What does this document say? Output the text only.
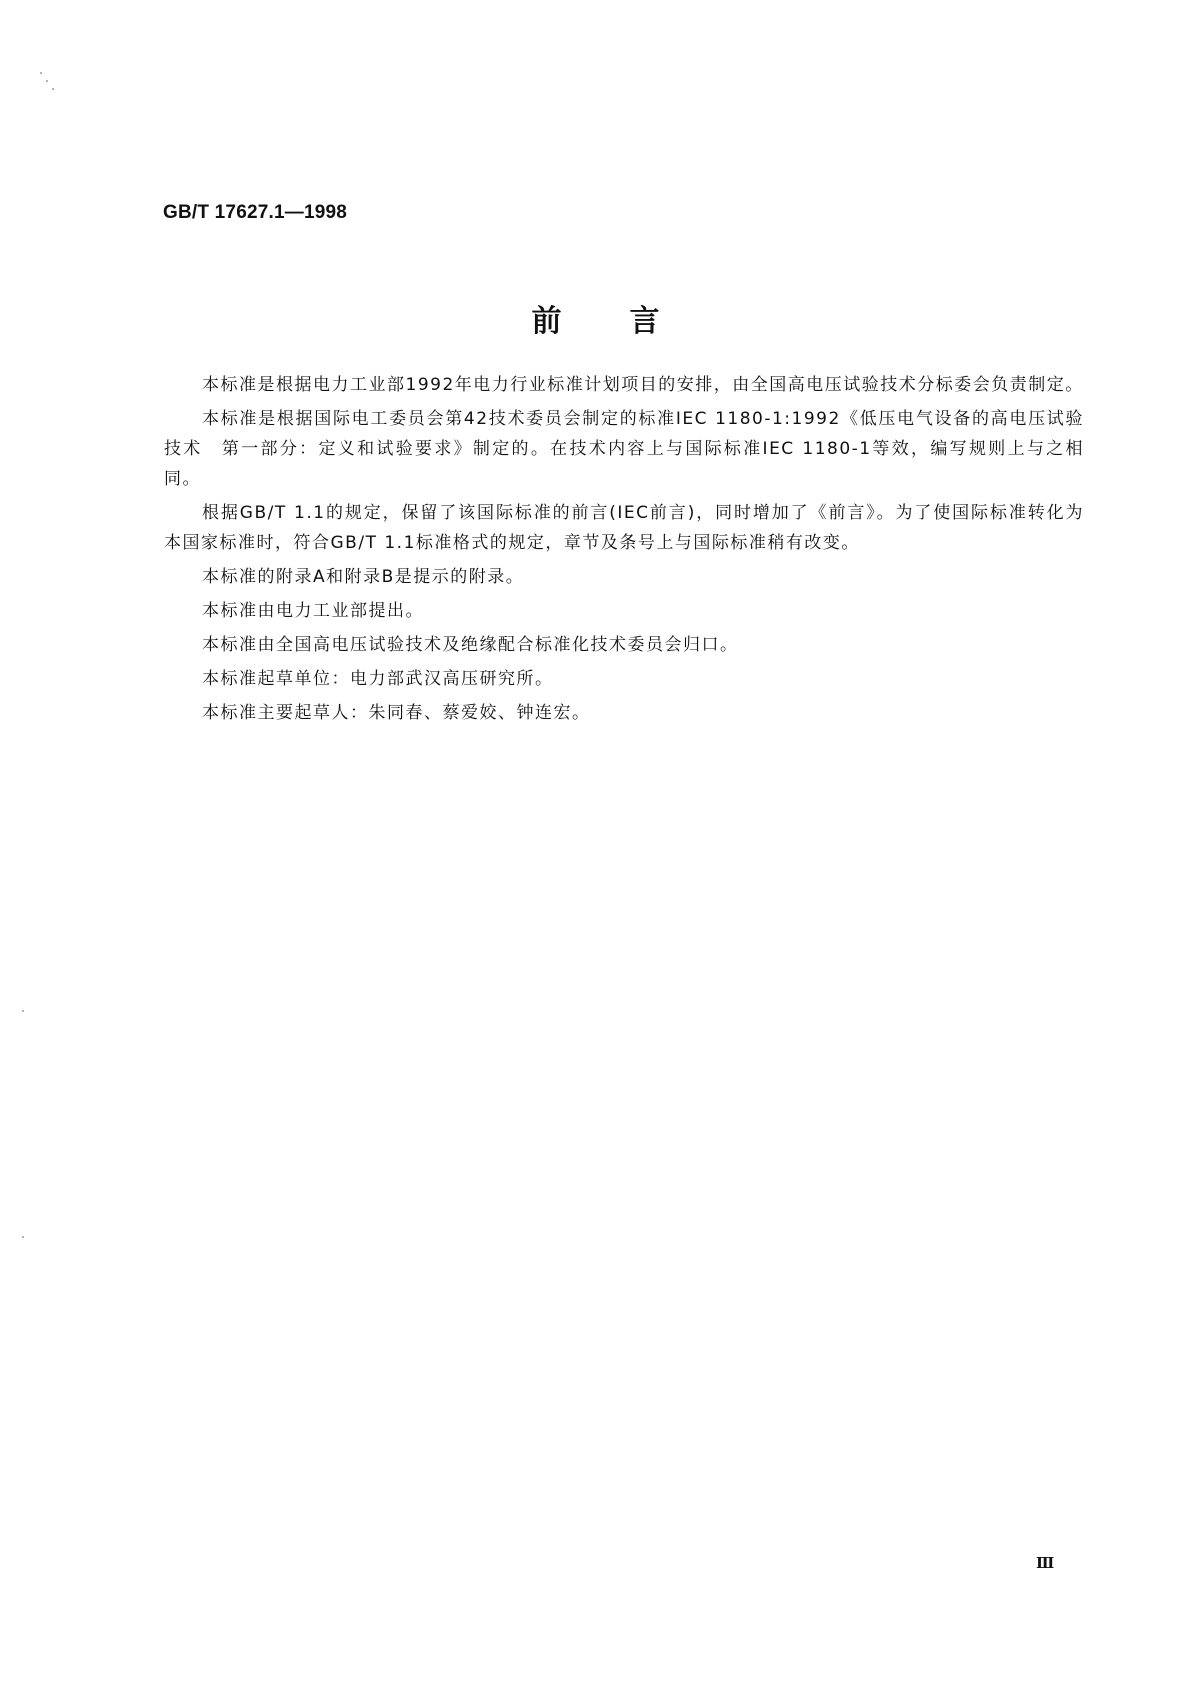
GB/T 17627.1—1998
前言

本标准是根据电力工业部1992年电力行业标准计划项目的安排，由全国高电压试验技术分标委会负责制定。

本标准是根据国际电工委员会第42技术委员会制定的标准IEC 1180-1:1992《低压电气设备的高电压试验技术　第一部分：定义和试验要求》制定的。在技术内容上与国际标准IEC 1180-1等效，编写规则上与之相同。

根据GB/T 1.1的规定，保留了该国际标准的前言(IEC前言)，同时增加了《前言》。为了使国际标准转化为本国家标准时，符合GB/T 1.1标准格式的规定，章节及条号上与国际标准稍有改变。

本标准的附录A和附录B是提示的附录。

本标准由电力工业部提出。

本标准由全国高电压试验技术及绝缘配合标准化技术委员会归口。

本标准起草单位：电力部武汉高压研究所。

本标准主要起草人：朱同春、蔡爱姣、钟连宏。

Ⅲ
